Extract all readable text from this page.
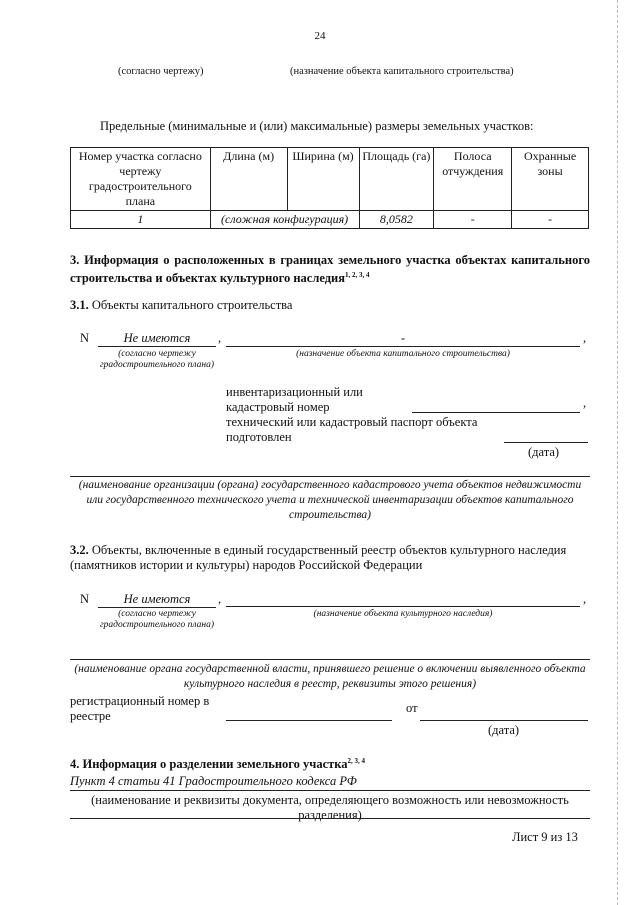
24
(согласно чертежу)	(назначение объекта капитального строительства)
Предельные (минимальные и (или) максимальные) размеры земельных участков:
Номер участка согласно чертежу градостроительного плана	Длина (м)	Ширина (м)	Площадь (га)	Полоса отчуждения	Охранные зоны
1	(сложная конфигурация)		8,0582	-	-
3. Информация о расположенных в границах земельного участка объектах капитального строительства и объектах культурного наследия$^{1, 2, 3, 4}$
3.1. Объекты капитального строительства
N	Не имеются	,	-	,
(согласно чертежу градостроительного плана)
(назначение объекта капитального строительства)
инвентаризационный или кадастровый номер	,
технический или кадастровый паспорт объекта подготовлен
(дата)
(наименование организации (органа) государственного кадастрового учета объектов недвижимости или государственного технического учета и технической инвентаризации объектов капитального строительства)
3.2. Объекты, включенные в единый государственный реестр объектов культурного наследия (памятников истории и культуры) народов Российской Федерации
N	Не имеются	,	,
(согласно чертежу градостроительного плана)
(назначение объекта культурного наследия)
(наименование органа государственной власти, принявшего решение о включении выявленного объекта культурного наследия в реестр, реквизиты этого решения)
регистрационный номер в реестре
от
(дата)
4. Информация о разделении земельного участка$^{2, 3, 4}$
Пункт 4 статьи 41 Градостроительного кодекса РФ
(наименование и реквизиты документа, определяющего возможность или невозможность разделения)
Лист 9 из 13
